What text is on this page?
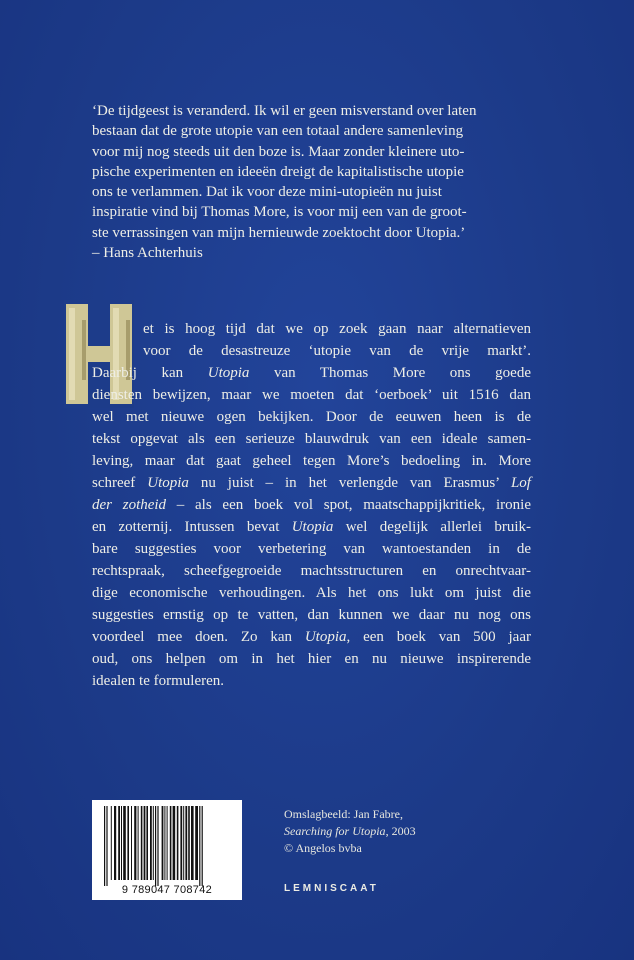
‘De tijdgeest is veranderd. Ik wil er geen misverstand over laten

bestaan dat de grote utopie van een totaal andere samenleving

voor mij nog steeds uit den boze is. Maar zonder kleinere uto-

pische experimenten en ideeën dreigt de kapitalistische utopie

ons te verlammen. Dat ik voor deze mini-utopieën nu juist

inspiratie vind bij Thomas More, is voor mij een van de groot-

ste verrassingen van mijn hernieuwde zoektocht door Utopia.’

– Hans Achterhuis

et is hoog tijd dat we op zoek gaan naar alternatieven
voor de desastreuze ‘utopie van de vrije markt’.
Daarbij kan Utopia van Thomas More ons goede
diensten bewijzen, maar we moeten dat ‘oerboek’ uit 1516 dan
wel met nieuwe ogen bekijken. Door de eeuwen heen is de
tekst opgevat als een serieuze blauwdruk van een ideale samen-
leving, maar dat gaat geheel tegen More’s bedoeling in. More
schreef Utopia nu juist – in het verlengde van Erasmus’ Lof
der zotheid – als een boek vol spot, maatschappijkritiek, ironie
en zotternij. Intussen bevat Utopia wel degelijk allerlei bruik-
bare suggesties voor verbetering van wantoestanden in de
rechtspraak, scheefgegroeide machtsstructuren en onrechtvaar-
dige economische verhoudingen. Als het ons lukt om juist die
suggesties ernstig op te vatten, dan kunnen we daar nu nog ons
voordeel mee doen. Zo kan Utopia, een boek van 500 jaar
oud, ons helpen om in het hier en nu nieuwe inspirerende
idealen te formuleren.
9 789047 708742
Omslagbeeld: Jan Fabre,
Searching for Utopia, 2003
© Angelos bvba
LEMNISCAAT
